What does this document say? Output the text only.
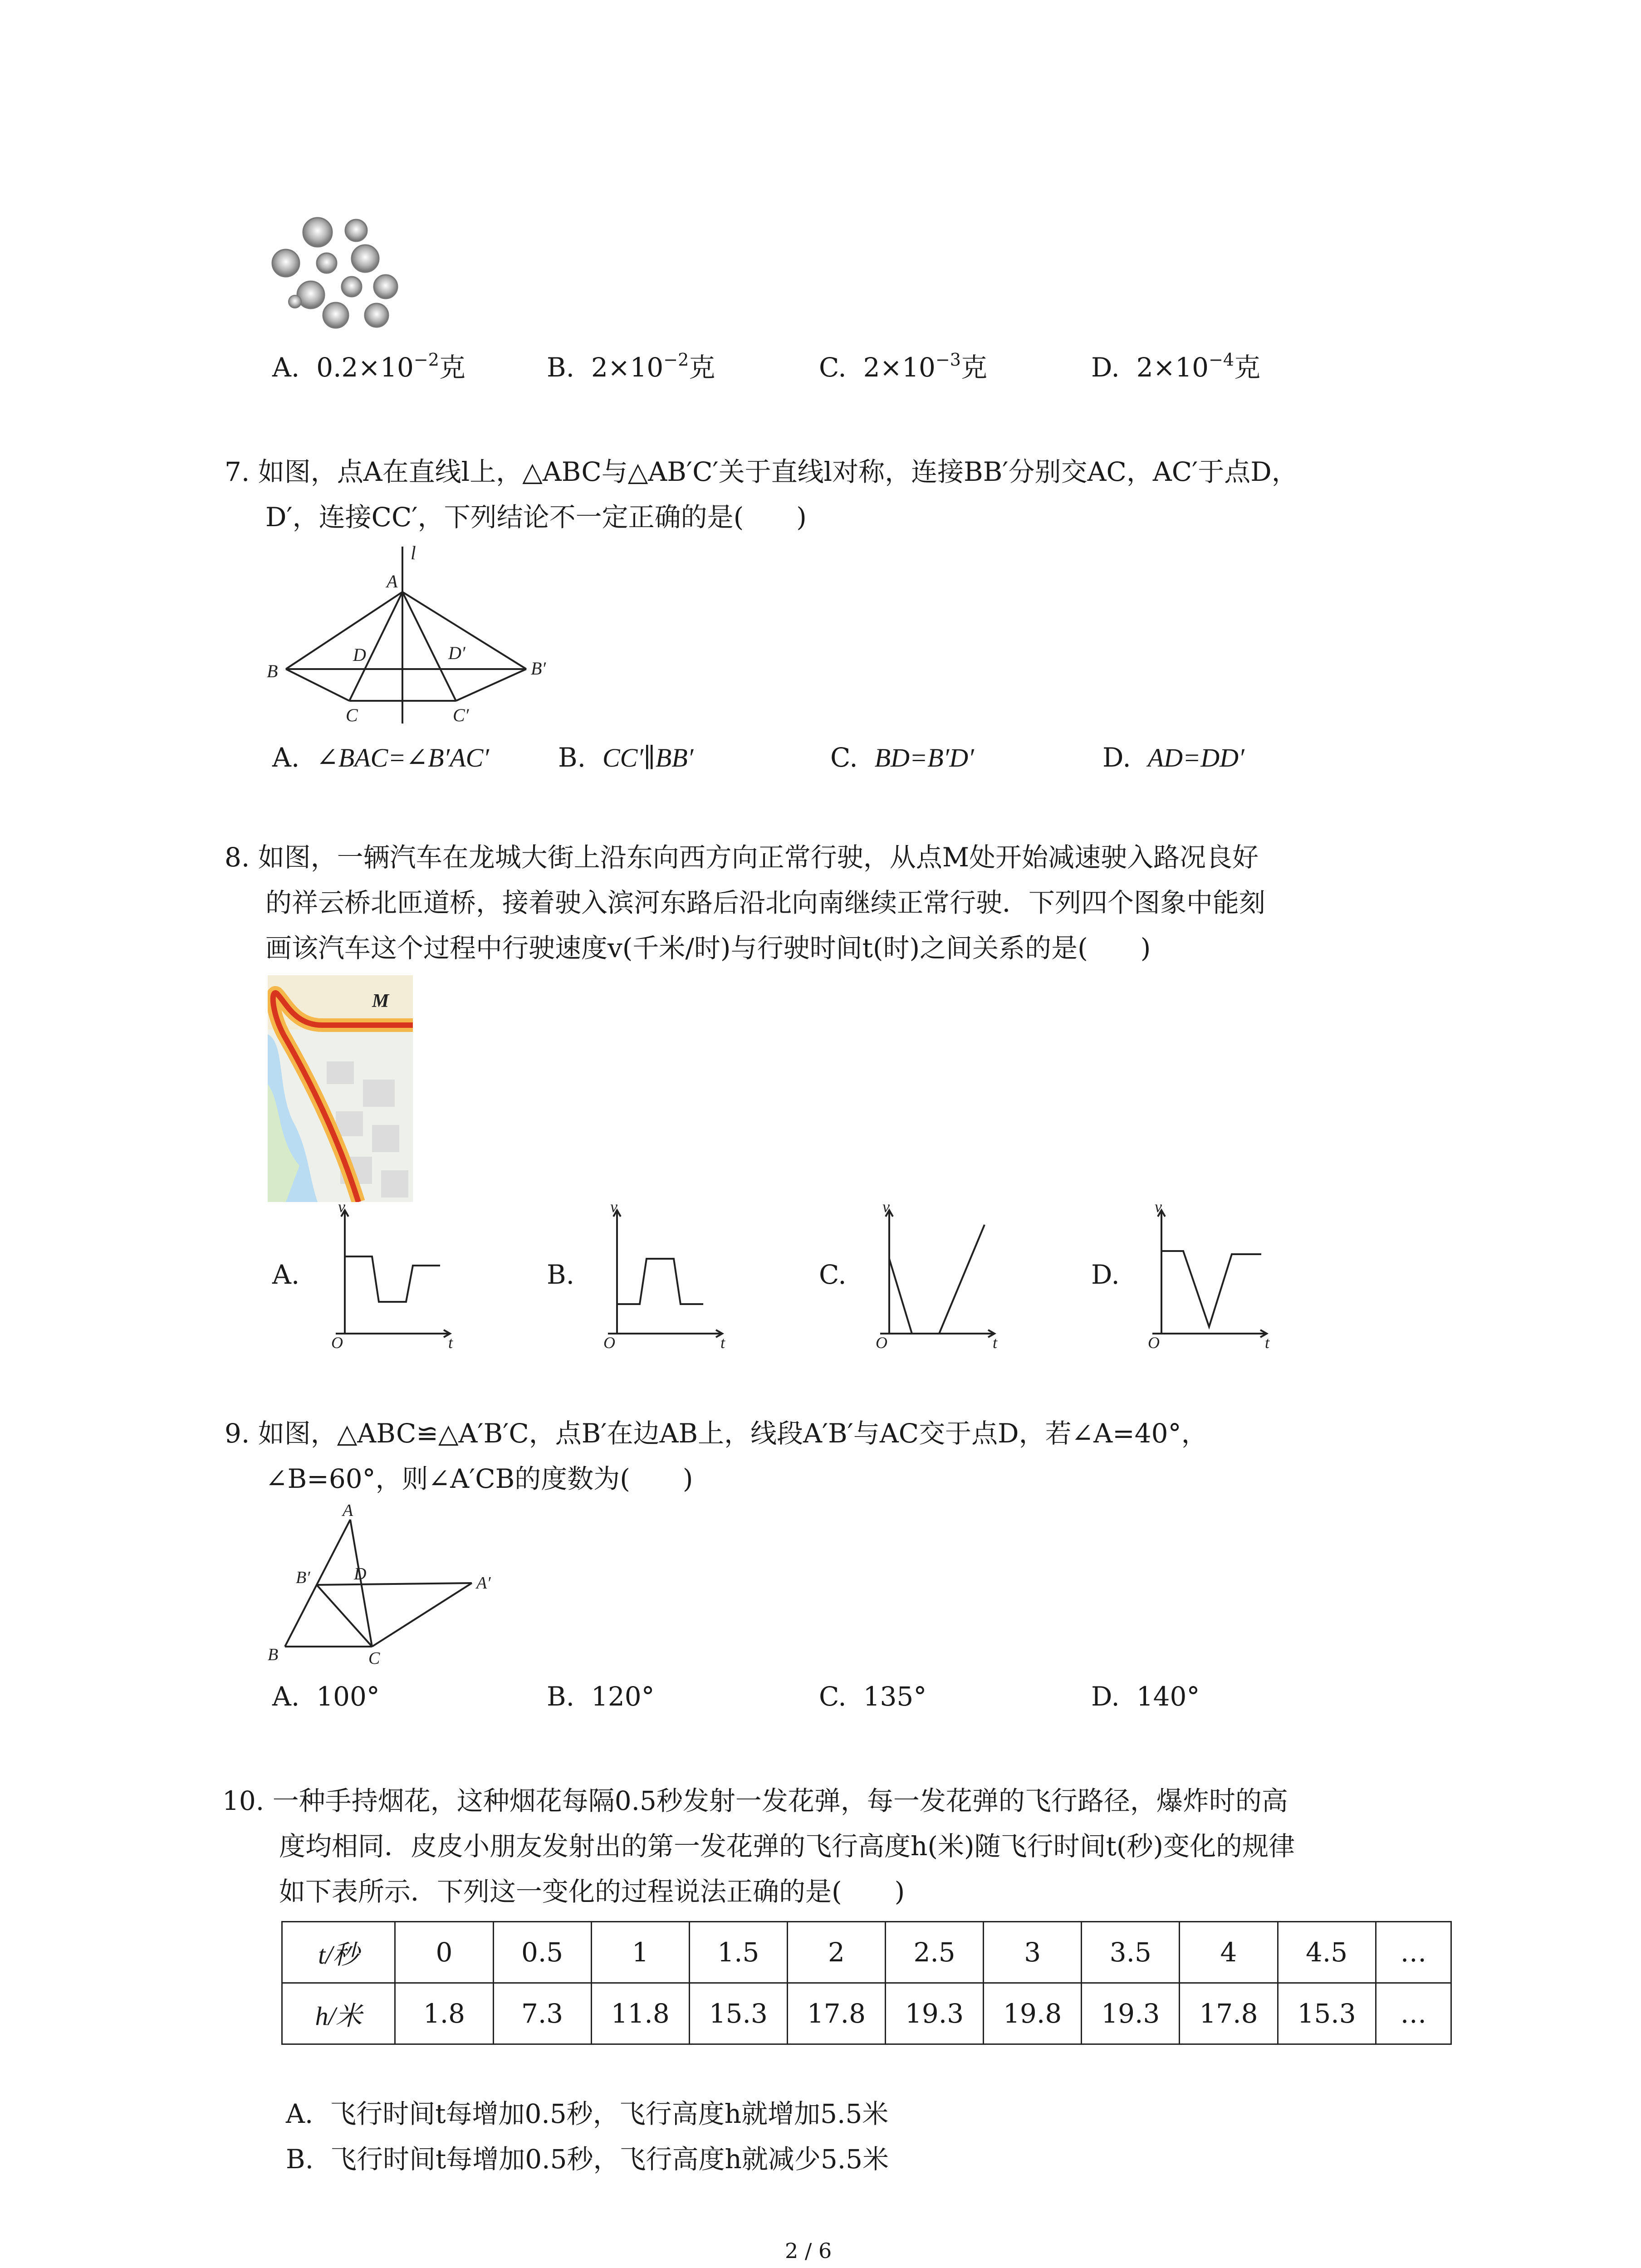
A. $0.2\times 10^{-2}$克	B. $2\times 10^{-2}$克	C. $2\times 10^{-3}$克	D. $2\times 10^{-4}$克
7. 如图，点A在直线l上，△ABC与△AB′C′关于直线l对称，连接BB′分别交AC，AC′于点D，
D′，连接CC′，下列结论不一定正确的是(　　)
l
A
B	B′
C	C′
D	D′
A. ∠BAC=∠B′AC′	B. CC′∥BB′	C. BD=B′D′	D. AD=DD′
8. 如图，一辆汽车在龙城大街上沿东向西方向正常行驶，从点M处开始减速驶入路况良好
的祥云桥北匝道桥，接着驶入滨河东路后沿北向南继续正常行驶．下列四个图象中能刻
画该汽车这个过程中行驶速度v(千米/时)与行驶时间t(时)之间关系的是(　　)
M
A.
v
O	t
B.
v
O	t
C.
v
O	t
D.
v
O	t
9. 如图，△ABC≌△A′B′C，点B′在边AB上，线段A′B′与AC交于点D，若∠A=40°，
∠B=60°，则∠A′CB的度数为(　　)
A
B	C
D	A′
B′
A. 100°	B. 120°	C. 135°	D. 140°
10. 一种手持烟花，这种烟花每隔0.5秒发射一发花弹，每一发花弹的飞行路径，爆炸时的高
度均相同．皮皮小朋友发射出的第一发花弹的飞行高度h(米)随飞行时间t(秒)变化的规律
如下表所示．下列这一变化的过程说法正确的是(　　)
t/秒	0	0.5	1	1.5	2	2.5	3	3.5	4	4.5	…
h/米	1.8	7.3	11.8	15.3	17.8	19.3	19.8	19.3	17.8	15.3	…
A. 飞行时间t每增加0.5秒，飞行高度h就增加5.5米
B. 飞行时间t每增加0.5秒，飞行高度h就减少5.5米
2 / 6
